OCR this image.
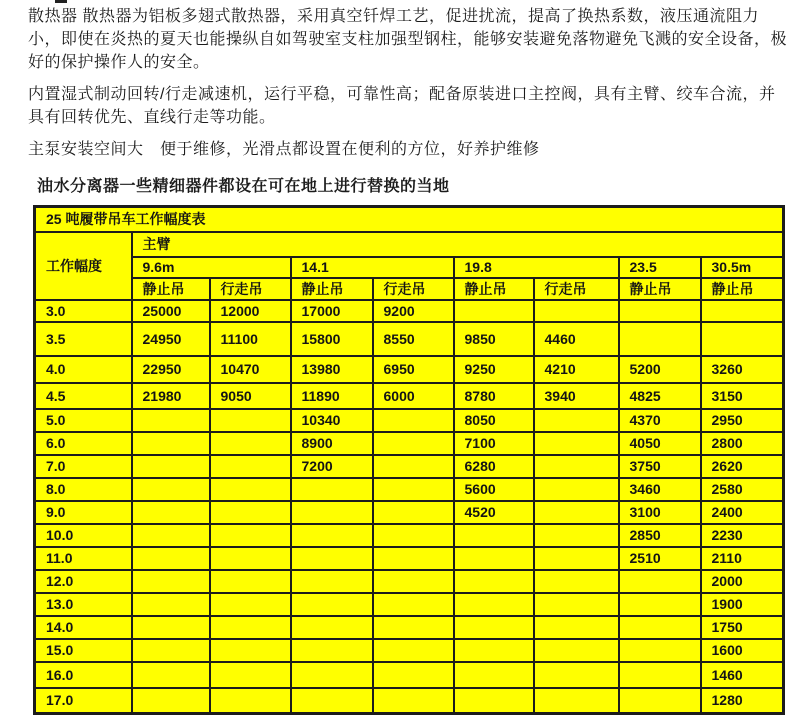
散热器 散热器为铝板多翅式散热器，采用真空钎焊工艺，促进扰流，提高了换热系数，液压通流阻力小，即使在炎热的夏天也能操纵自如驾驶室支柱加强型钢柱，能够安装避免落物避免飞溅的安全设备，极好的保护操作人的安全。

内置湿式制动回转/行走减速机，运行平稳，可靠性高；配备原装进口主控阀，具有主臂、绞车合流，并具有回转优先、直线行走等功能。

主泵安装空间大　便于维修，光滑点都设置在便利的方位，好养护维修

油水分离器一些精细器件都设在可在地上进行替换的当地

25 吨履带吊车工作幅度表								
工作幅度	主臂							
	9.6m		14.1		19.8		23.5	30.5m
	静止吊	行走吊	静止吊	行走吊	静止吊	行走吊	静止吊	静止吊
3.0	25000	12000	17000	9200				
3.5	24950	11100	15800	8550	9850	4460		
4.0	22950	10470	13980	6950	9250	4210	5200	3260
4.5	21980	9050	11890	6000	8780	3940	4825	3150
5.0			10340		8050		4370	2950
6.0			8900		7100		4050	2800
7.0			7200		6280		3750	2620
8.0					5600		3460	2580
9.0					4520		3100	2400
10.0							2850	2230
11.0							2510	2110
12.0								2000
13.0								1900
14.0								1750
15.0								1600
16.0								1460
17.0								1280
